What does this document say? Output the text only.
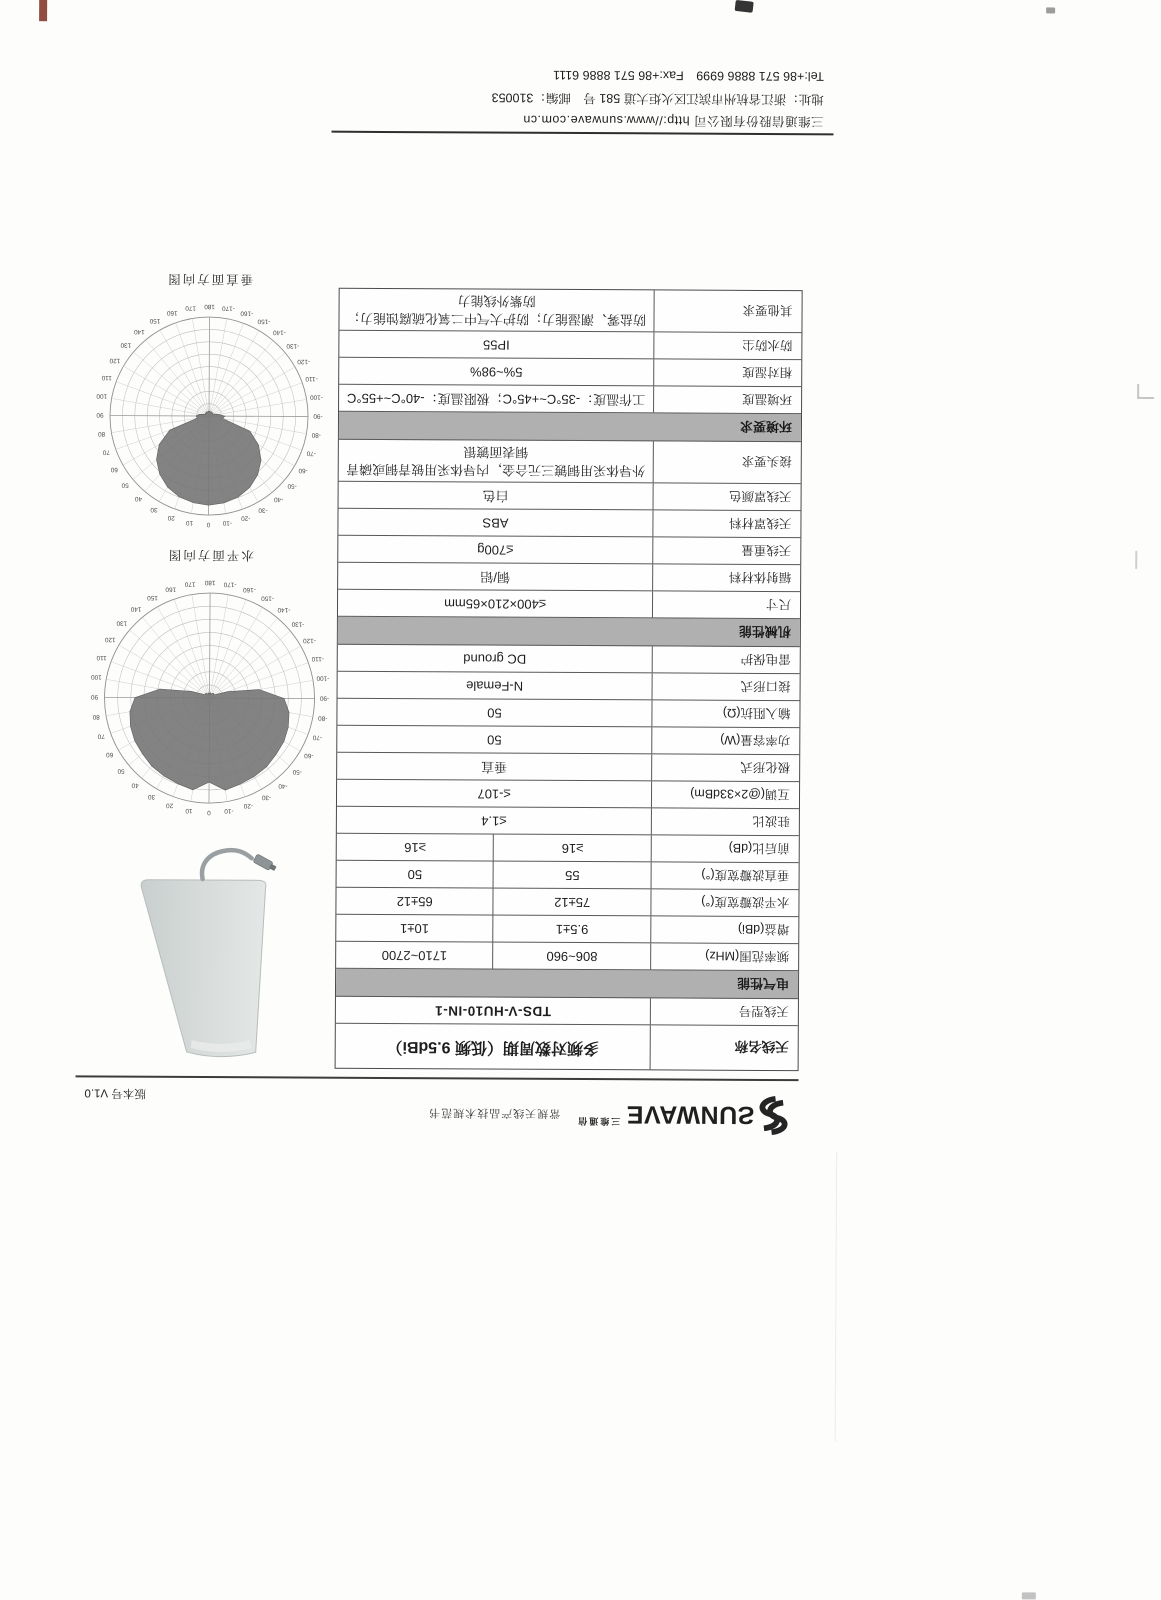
ƧUNWAVE
三维通信
常规天线产品技术规范书
版本号 V1.0
天线名称
多频对数周期（低频 9.5dBi）
天线型号
TDS-V-HU10-IN-1
电气性能
频率范围(MHz)
806~960
1710~2700
增益(dBi)
9.5±1
10±1
水平波瓣宽度(°)
75±12
65±12
垂直波瓣宽度(°)
55
50
前后比(dB)
≥16
≥16
驻波比
≤1.4
互调(@2×33dBm)
≤-107
极化形式
垂直
功率容量(W)
50
输入阻抗(Ω)
50
接口形式
N-Female
雷电保护
DC ground
机械性能
尺寸
≤400×210×65mm
辐射体材料
铜/铝
天线重量
≤700g
天线罩材料
ABS
天线罩颜色
白色
接头要求
外导体采用铜镀三元合金，内导体采用铍青铜或磷青铜表面镀银
环境要求
环境温度
工作温度：-35°C~+45°C；极限温度：-40°C~+55°C
相对湿度
5%~98%
防水防尘
IP55
其他要求
防盐雾、潮湿能力；防护大气中二氧化硫腐蚀能力；防紫外线能力
-170
-160
-150
-140
-130
-120
-110
-100
-90
-80
-70
-60
-50
-40
-30
-20
-10
0
10
20
30
40
50
60
70
80
90
100
110
120
130
140
150
160
170 180
水平面方向图
-170
-160
-150
-140
-130
-120
-110
-100
-90
-80
-70
-60
-50
-40
-30
-20
-10
0
10
20
30
40
50
60
70
80
90
100
110
120
130
140
150
160
170 180
垂直面方向图

三维通信股份有限公司 http://www.sunwave.com.cn

地址：浙江省杭州市滨江区火炬大道 581 号　邮编：310053

Tel:+86 571 8886 6999　Fax:+86 571 8886 6111
